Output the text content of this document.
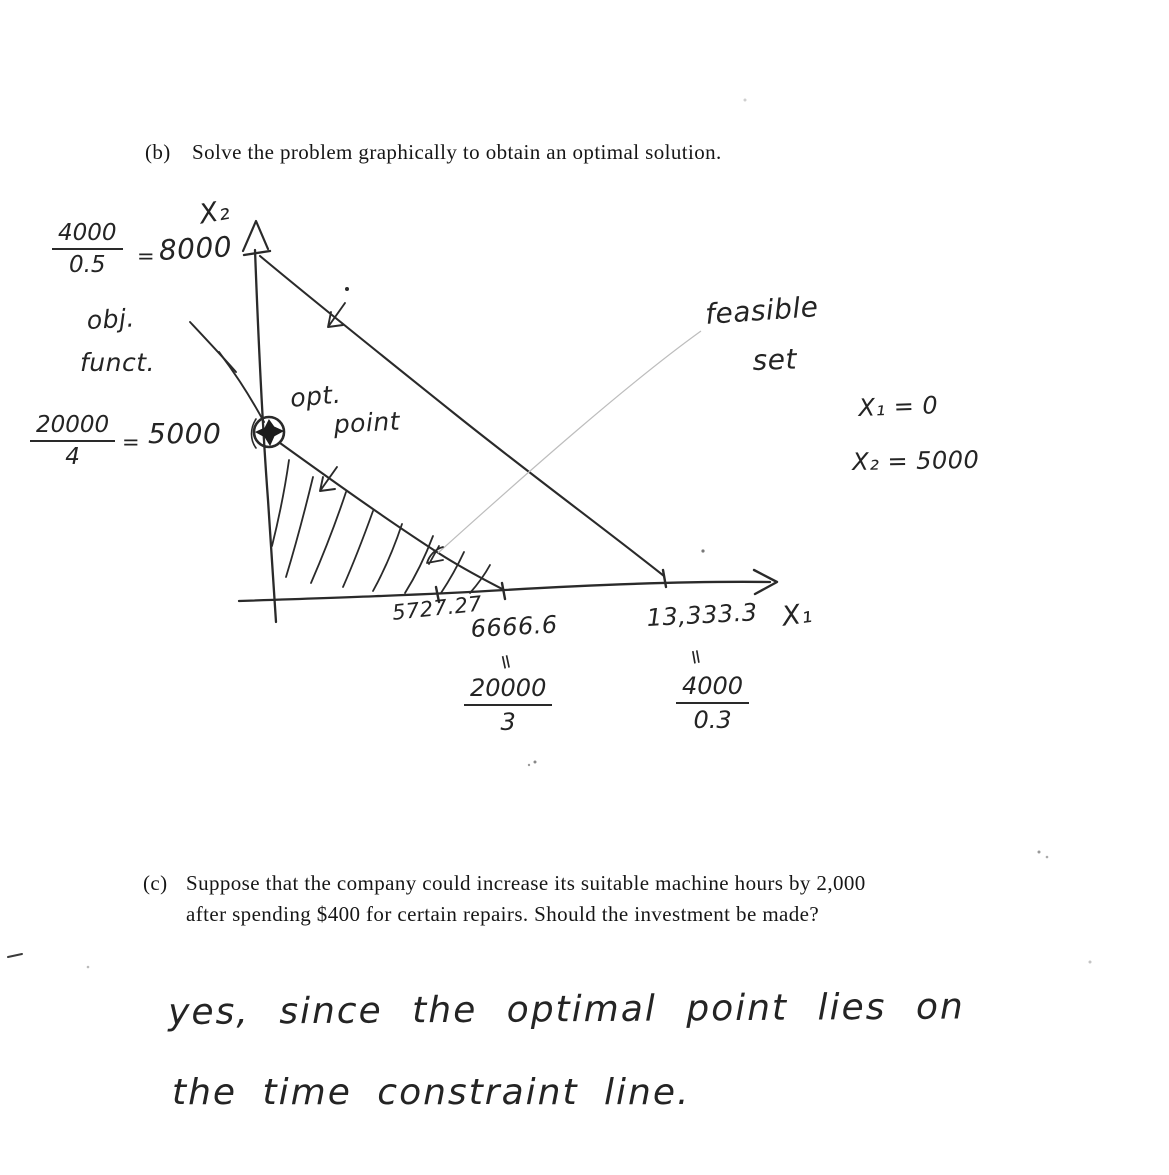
(b) Solve the problem graphically to obtain an optimal solution.
$\frac{4000}{0.5} = 8000$
X₂
obj.
funct.
$\frac{20000}{4} = 5000$
opt.
point
feasible
set
X₁ = 0
X₂ = 5000
5727.27
6666.6
=
$\frac{20000}{3}$
13,333.3
=
$\frac{4000}{0.3}$
X₁
(c) Suppose that the company could increase its suitable machine hours by 2,000
after spending $400 for certain repairs. Should the investment be made?
yes, since the optimal point lies on
the time constraint line.
